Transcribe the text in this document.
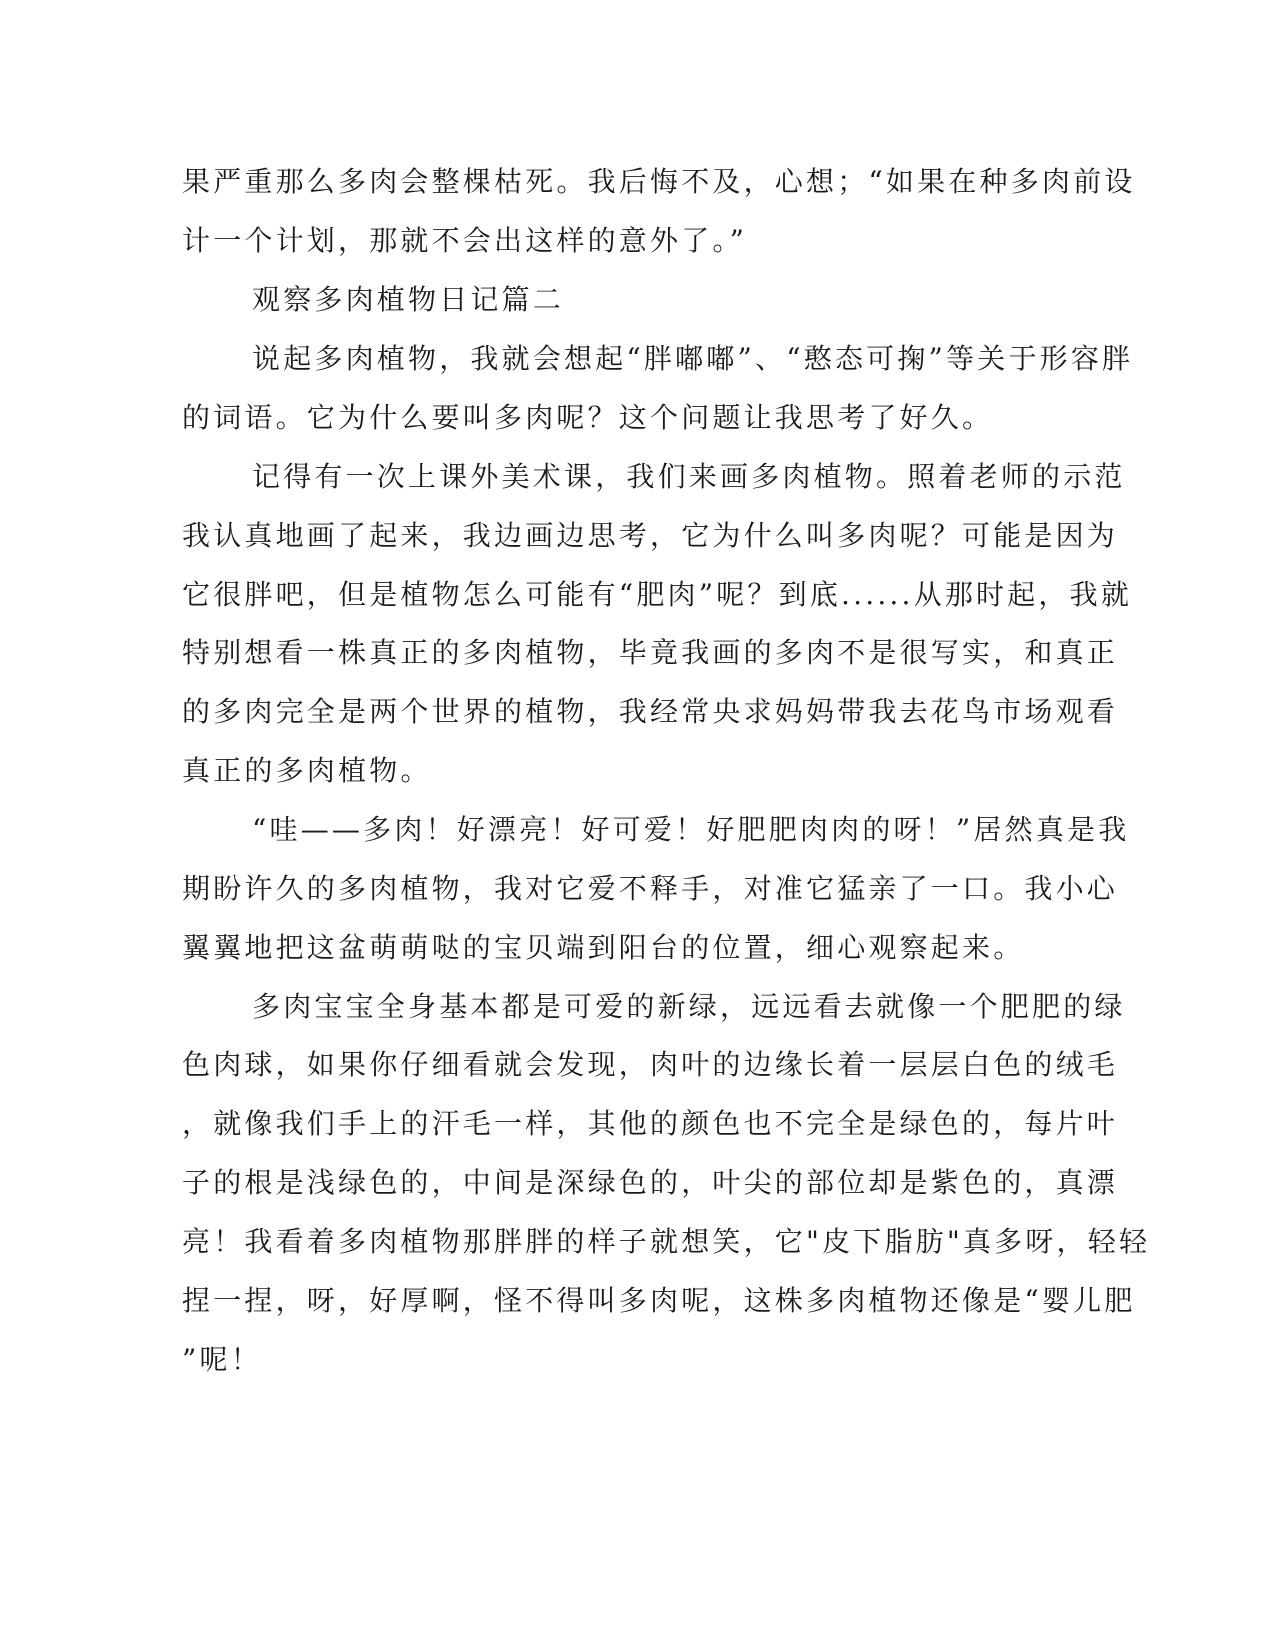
果严重那么多肉会整棵枯死。我后悔不及，心想；“如果在种多肉前设
计一个计划，那就不会出这样的意外了。”
观察多肉植物日记篇二
说起多肉植物，我就会想起“胖嘟嘟”、“憨态可掬”等关于形容胖
的词语。它为什么要叫多肉呢？这个问题让我思考了好久。
记得有一次上课外美术课，我们来画多肉植物。照着老师的示范
我认真地画了起来，我边画边思考，它为什么叫多肉呢？可能是因为
它很胖吧，但是植物怎么可能有“肥肉”呢？到底......从那时起，我就
特别想看一株真正的多肉植物，毕竟我画的多肉不是很写实，和真正
的多肉完全是两个世界的植物，我经常央求妈妈带我去花鸟市场观看
真正的多肉植物。
“哇——多肉！好漂亮！好可爱！好肥肥肉肉的呀！”居然真是我
期盼许久的多肉植物，我对它爱不释手，对准它猛亲了一口。我小心
翼翼地把这盆萌萌哒的宝贝端到阳台的位置，细心观察起来。
多肉宝宝全身基本都是可爱的新绿，远远看去就像一个肥肥的绿
色肉球，如果你仔细看就会发现，肉叶的边缘长着一层层白色的绒毛
，就像我们手上的汗毛一样，其他的颜色也不完全是绿色的，每片叶
子的根是浅绿色的，中间是深绿色的，叶尖的部位却是紫色的，真漂
亮！我看着多肉植物那胖胖的样子就想笑，它"皮下脂肪"真多呀，轻轻
捏一捏，呀，好厚啊，怪不得叫多肉呢，这株多肉植物还像是“婴儿肥
”呢！
